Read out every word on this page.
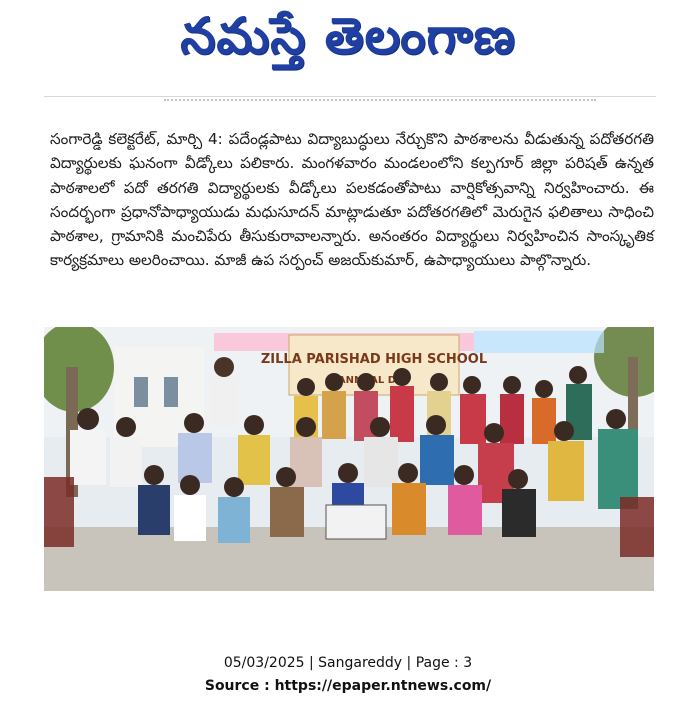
నమస్తే తెలంగాణ
సంగారెడ్డి కలెక్టరేట్, మార్చి 4: పదేండ్లపాటు విద్యాబుద్ధులు నేర్చుకొని పాఠశాలను వీడుతున్న పదోతరగతి విద్యార్థులకు ఘనంగా వీడ్కోలు పలికారు. మంగళవారం మండలంలోని కల్పగూర్ జిల్లా పరిషత్ ఉన్నత పాఠశాలలో పదో తరగతి విద్యార్థులకు వీడ్కోలు పలకడంతోపాటు వార్షికోత్సవాన్ని నిర్వహించారు. ఈ సందర్భంగా ప్రధానోపాధ్యాయుడు మధుసూదన్ మాట్లాడుతూ పదోతరగతిలో మెరుగైన ఫలితాలు సాధించి పాఠశాల, గ్రామానికి మంచిపేరు తీసుకురావాలన్నారు. అనంతరం విద్యార్థులు నిర్వహించిన సాంస్కృతిక కార్యక్రమాలు అలరించాయి. మాజీ ఉప సర్పంచ్ అజయ్‌కుమార్, ఉపాధ్యాయులు పాల్గొన్నారు.
ZILLA PARISHAD HIGH SCHOOL
05/03/2025 | Sangareddy | Page : 3
Source : https://epaper.ntnews.com/
